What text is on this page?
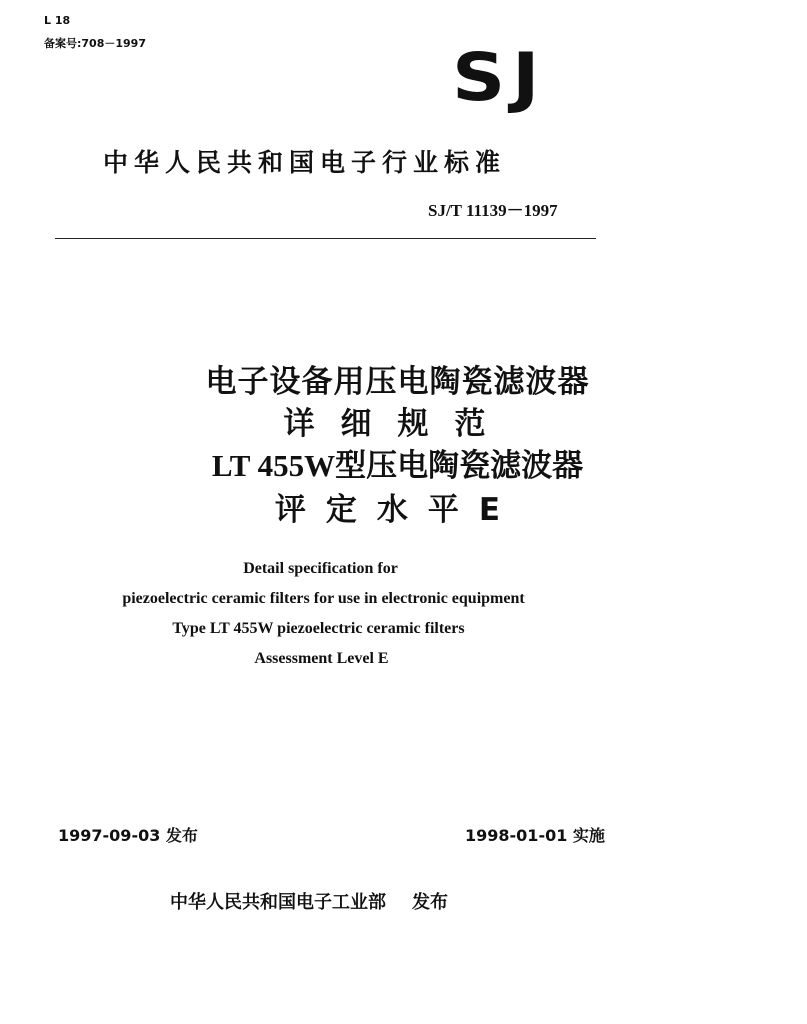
L 18
备案号:708－1997	SJ
中华人民共和国电子行业标准
SJ/T 11139－1997
电子设备用压电陶瓷滤波器
详细规范
LT 455W型压电陶瓷滤波器
评定水平E
Detail specification for
piezoelectric ceramic filters for use in electronic equipment
Type LT 455W piezoelectric ceramic filters
Assessment Level E
1997-09-03 发布	1998-01-01 实施
中华人民共和国电子工业部 发布
